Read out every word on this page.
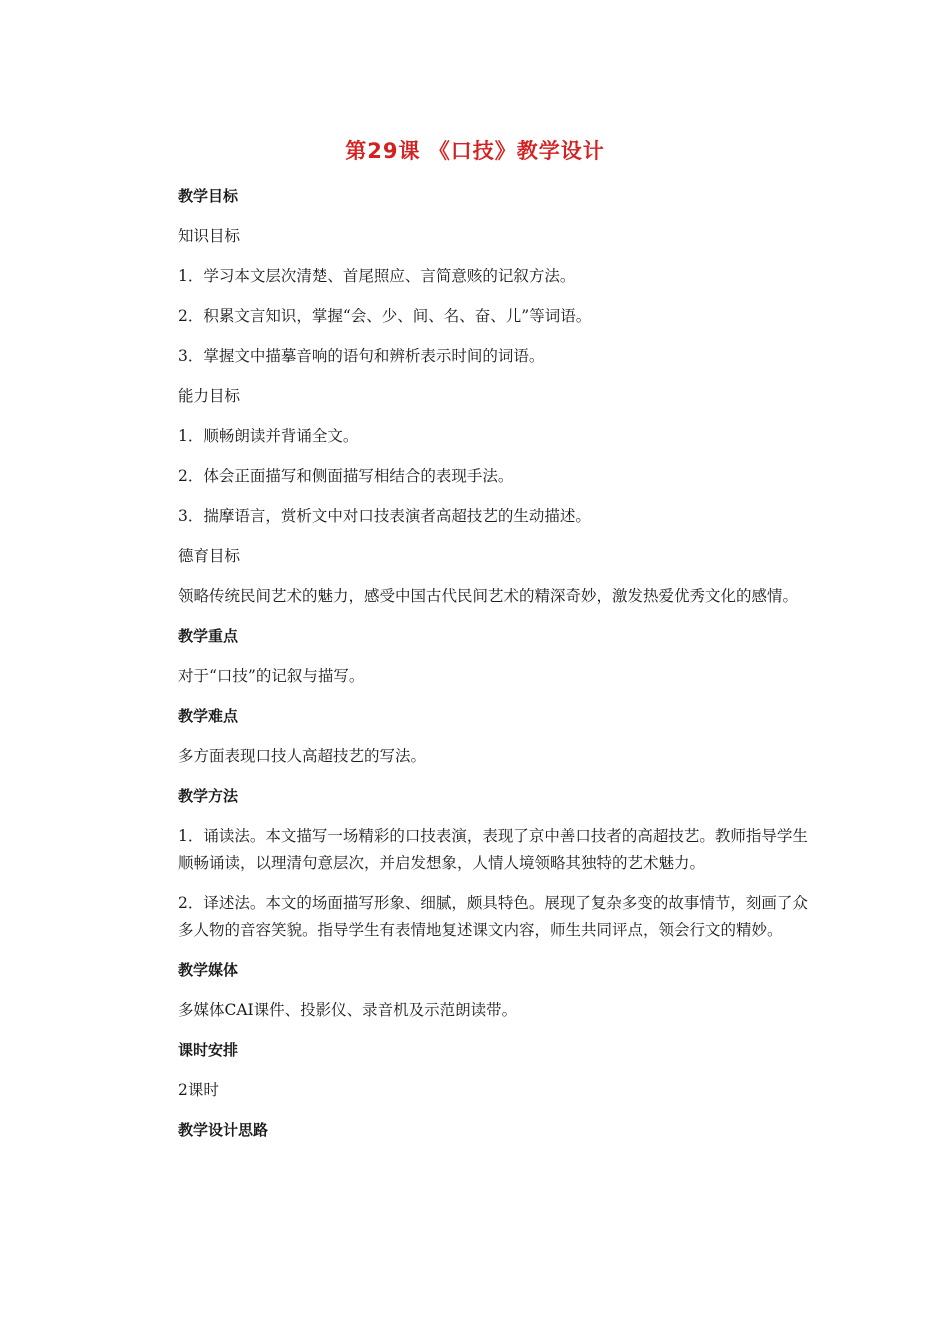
第29课 《口技》教学设计
教学目标
知识目标
1．学习本文层次清楚、首尾照应、言简意赅的记叙方法。
2．积累文言知识，掌握“会、少、间、名、奋、儿”等词语。
3．掌握文中描摹音响的语句和辨析表示时间的词语。
能力目标
1．顺畅朗读并背诵全文。
2．体会正面描写和侧面描写相结合的表现手法。
3．揣摩语言，赏析文中对口技表演者高超技艺的生动描述。
德育目标
领略传统民间艺术的魅力，感受中国古代民间艺术的精深奇妙，激发热爱优秀文化的感情。
教学重点
对于“口技”的记叙与描写。
教学难点
多方面表现口技人高超技艺的写法。
教学方法
1．诵读法。本文描写一场精彩的口技表演，表现了京中善口技者的高超技艺。教师指导学生顺畅诵读，以理清句意层次，并启发想象，人情人境领略其独特的艺术魅力。
2．译述法。本文的场面描写形象、细腻，颇具特色。展现了复杂多变的故事情节，刻画了众多人物的音容笑貌。指导学生有表情地复述课文内容，师生共同评点，领会行文的精妙。
教学媒体
多媒体CAI课件、投影仪、录音机及示范朗读带。
课时安排
2课时
教学设计思路
